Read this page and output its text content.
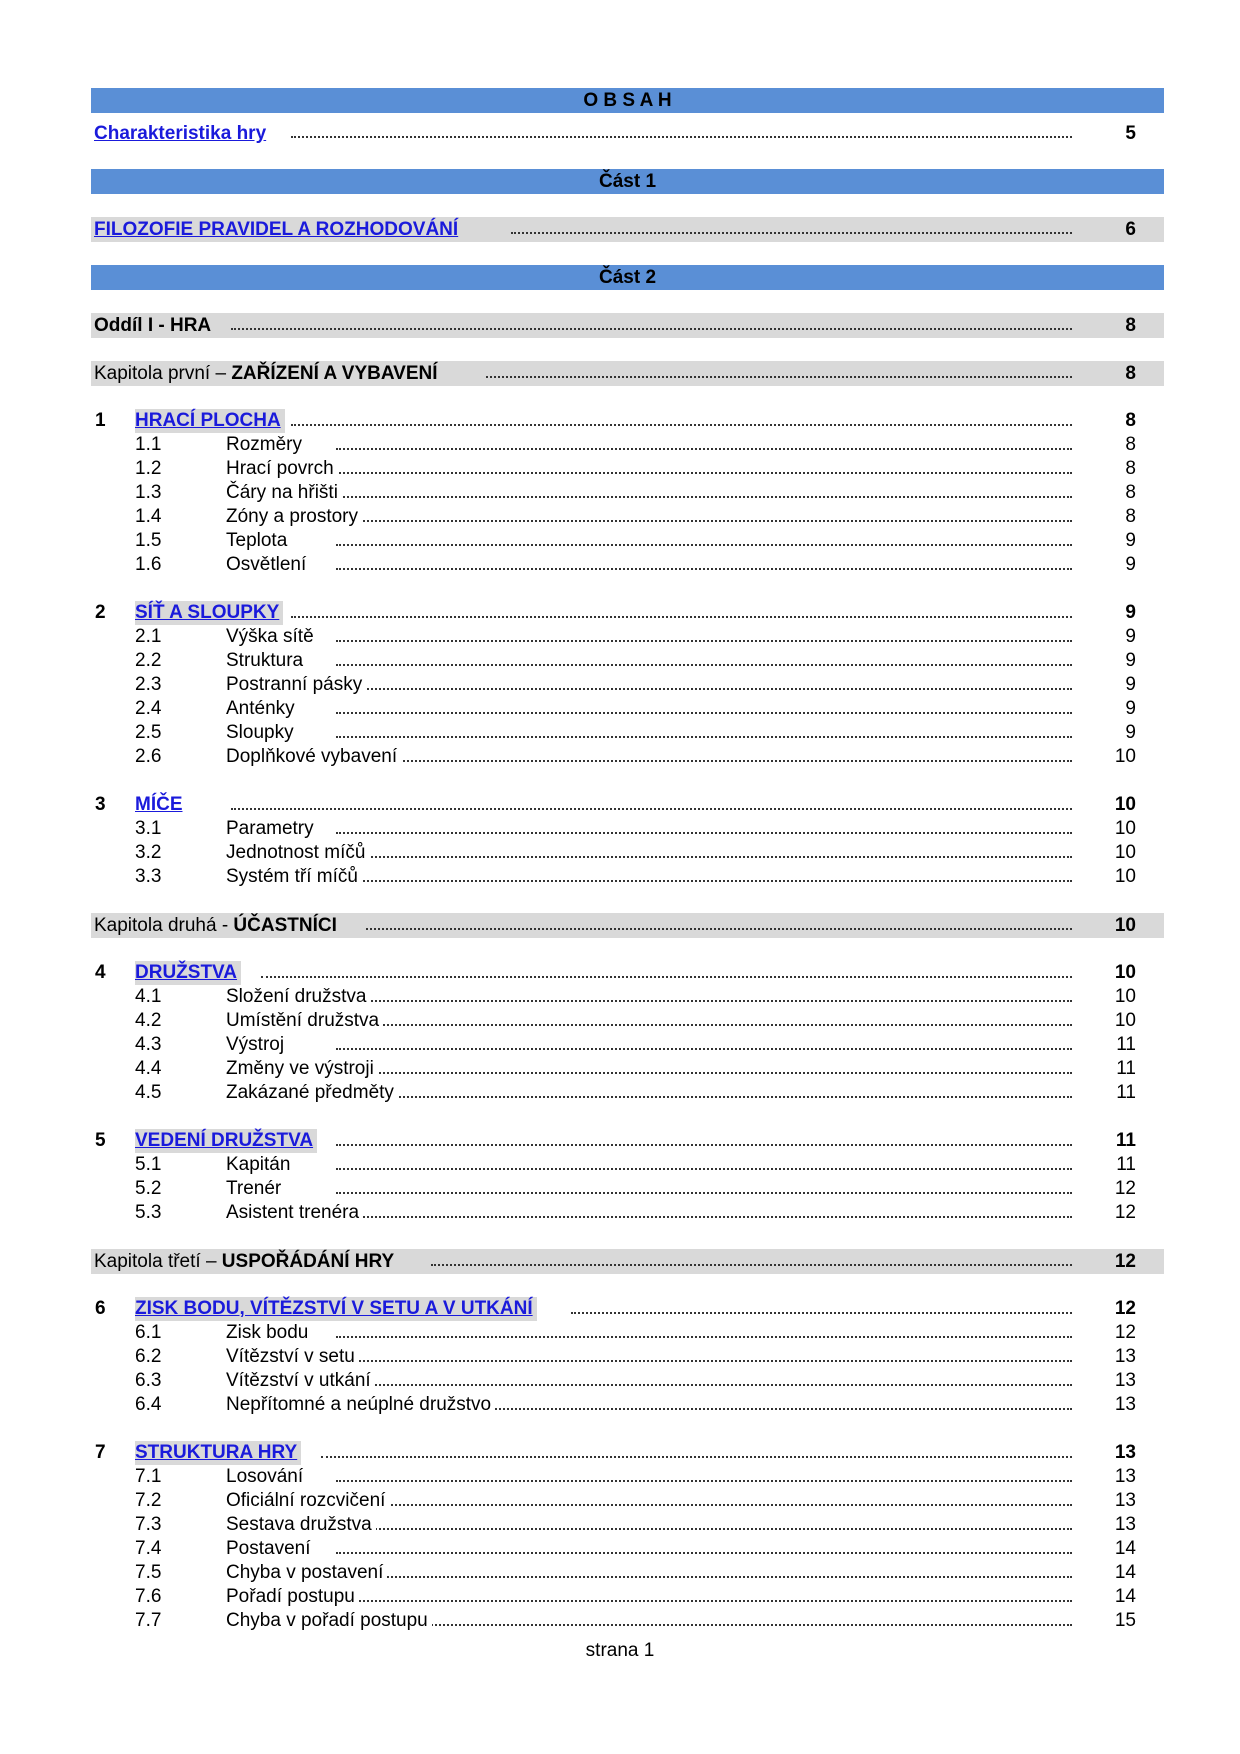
O B S A H
Charakteristika hry	5
Část 1
FILOZOFIE PRAVIDEL A ROZHODOVÁNÍ	6
Část 2
Oddíl I - HRA	8
Kapitola první – ZAŘÍZENÍ A VYBAVENÍ	8
1 HRACÍ PLOCHA	8
1.1	Rozměry	8
1.2	Hrací povrch	8
1.3	Čáry na hřišti	8
1.4	Zóny a prostory	8
1.5	Teplota	9
1.6	Osvětlení	9
2 SÍŤ A SLOUPKY	9
2.1	Výška sítě	9
2.2	Struktura	9
2.3	Postranní pásky	9
2.4	Anténky	9
2.5	Sloupky	9
2.6	Doplňkové vybavení	10
3 MÍČE	10
3.1	Parametry	10
3.2	Jednotnost míčů	10
3.3	Systém tří míčů	10
Kapitola druhá - ÚČASTNÍCI	10
4 DRUŽSTVA	10
4.1	Složení družstva	10
4.2	Umístění družstva	10
4.3	Výstroj	11
4.4	Změny ve výstroji	11
4.5	Zakázané předměty	11
5 VEDENÍ DRUŽSTVA	11
5.1	Kapitán	11
5.2	Trenér	12
5.3	Asistent trenéra	12
Kapitola třetí – USPOŘÁDÁNÍ HRY	12
6 ZISK BODU, VÍTĚZSTVÍ V SETU A V UTKÁNÍ	12
6.1	Zisk bodu	12
6.2	Vítězství v setu	13
6.3	Vítězství v utkání	13
6.4	Nepřítomné a neúplné družstvo	13
7 STRUKTURA HRY	13
7.1	Losování	13
7.2	Oficiální rozcvičení	13
7.3	Sestava družstva	13
7.4	Postavení	14
7.5	Chyba v postavení	14
7.6	Pořadí postupu	14
7.7	Chyba v pořadí postupu	15
strana 1
